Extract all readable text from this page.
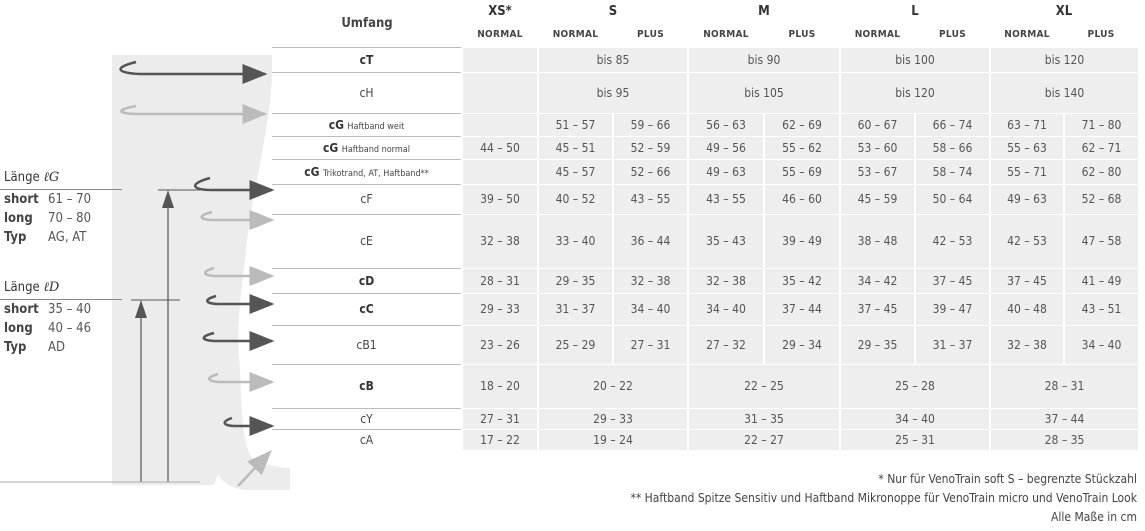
Länge ℓG
short 61 – 70
long	70 – 80
Typ	AG, AT
Länge ℓD
short 35 – 40
long	40 – 46
Typ	AD
Umfang	XS*	S		M		L		XL	
	NORMAL	NORMAL	PLUS	NORMAL	PLUS	NORMAL	PLUS	NORMAL	PLUS
cT		bis 85		bis 90		bis 100		bis 120	
cH		bis 95		bis 105		bis 120		bis 140	
cG Haftband weit		51 – 57	59 – 66	56 – 63	62 – 69	60 – 67	66 – 74	63 – 71	71 – 80
cG Haftband normal	44 – 50	45 – 51	52 – 59	49 – 56	55 – 62	53 – 60	58 – 66	55 – 63	62 – 71
cG Trikotrand, AT, Haftband**		45 – 57	52 – 66	49 – 63	55 – 69	53 – 67	58 – 74	55 – 71	62 – 80
cF	39 – 50	40 – 52	43 – 55	43 – 55	46 – 60	45 – 59	50 – 64	49 – 63	52 – 68
cE	32 – 38	33 – 40	36 – 44	35 – 43	39 – 49	38 – 48	42 – 53	42 – 53	47 – 58
cD	28 – 31	29 – 35	32 – 38	32 – 38	35 – 42	34 – 42	37 – 45	37 – 45	41 – 49
cC	29 – 33	31 – 37	34 – 40	34 – 40	37 – 44	37 – 45	39 – 47	40 – 48	43 – 51
cB1	23 – 26	25 – 29	27 – 31	27 – 32	29 – 34	29 – 35	31 – 37	32 – 38	34 – 40
cB	18 – 20	20 – 22		22 – 25		25 – 28		28 – 31	
cY	27 – 31	29 – 33		31 – 35		34 – 40		37 – 44	
cA	17 – 22	19 – 24		22 – 27		25 – 31		28 – 35	
* Nur für VenoTrain soft S – begrenzte Stückzahl
** Haftband Spitze Sensitiv und Haftband Mikronoppe für VenoTrain micro und VenoTrain Look
Alle Maße in cm
